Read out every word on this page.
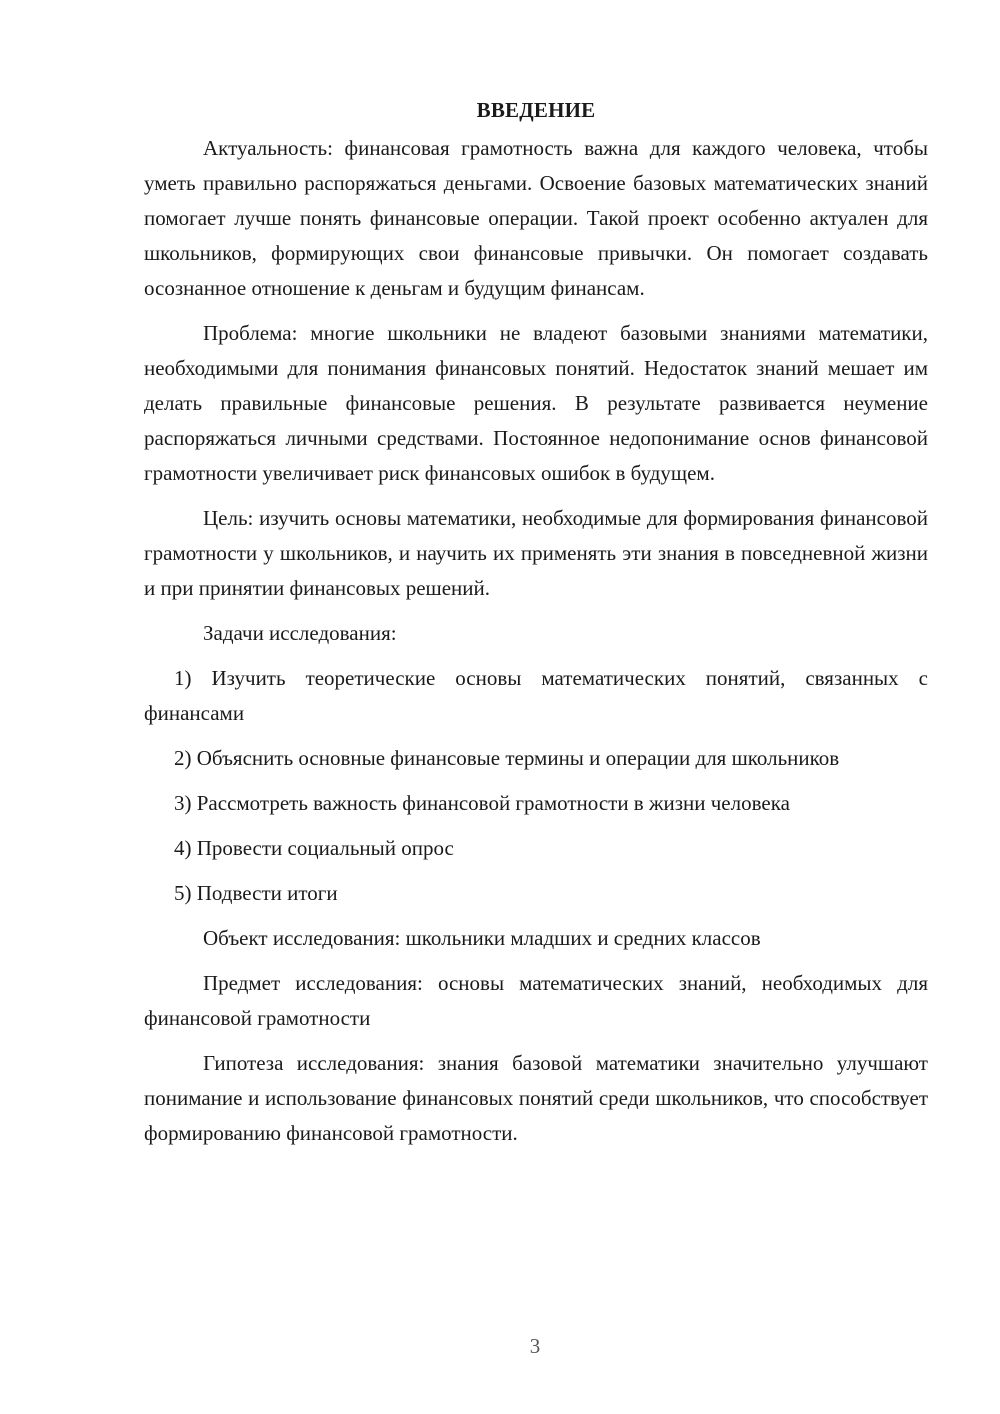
ВВЕДЕНИЕ

Актуальность: финансовая грамотность важна для каждого человека, чтобы уметь правильно распоряжаться деньгами. Освоение базовых математических знаний помогает лучше понять финансовые операции. Такой проект особенно актуален для школьников, формирующих свои финансовые привычки. Он помогает создавать осознанное отношение к деньгам и будущим финансам.

Проблема: многие школьники не владеют базовыми знаниями математики, необходимыми для понимания финансовых понятий. Недостаток знаний мешает им делать правильные финансовые решения. В результате развивается неумение распоряжаться личными средствами. Постоянное недопонимание основ финансовой грамотности увеличивает риск финансовых ошибок в будущем.

Цель: изучить основы математики, необходимые для формирования финансовой грамотности у школьников, и научить их применять эти знания в повседневной жизни и при принятии финансовых решений.

Задачи исследования:

1) Изучить теоретические основы математических понятий, связанных с финансами

2) Объяснить основные финансовые термины и операции для школьников

3) Рассмотреть важность финансовой грамотности в жизни человека

4) Провести социальный опрос

5) Подвести итоги

Объект исследования: школьники младших и средних классов

Предмет исследования: основы математических знаний, необходимых для финансовой грамотности

Гипотеза исследования: знания базовой математики значительно улучшают понимание и использование финансовых понятий среди школьников, что способствует формированию финансовой грамотности.

3
